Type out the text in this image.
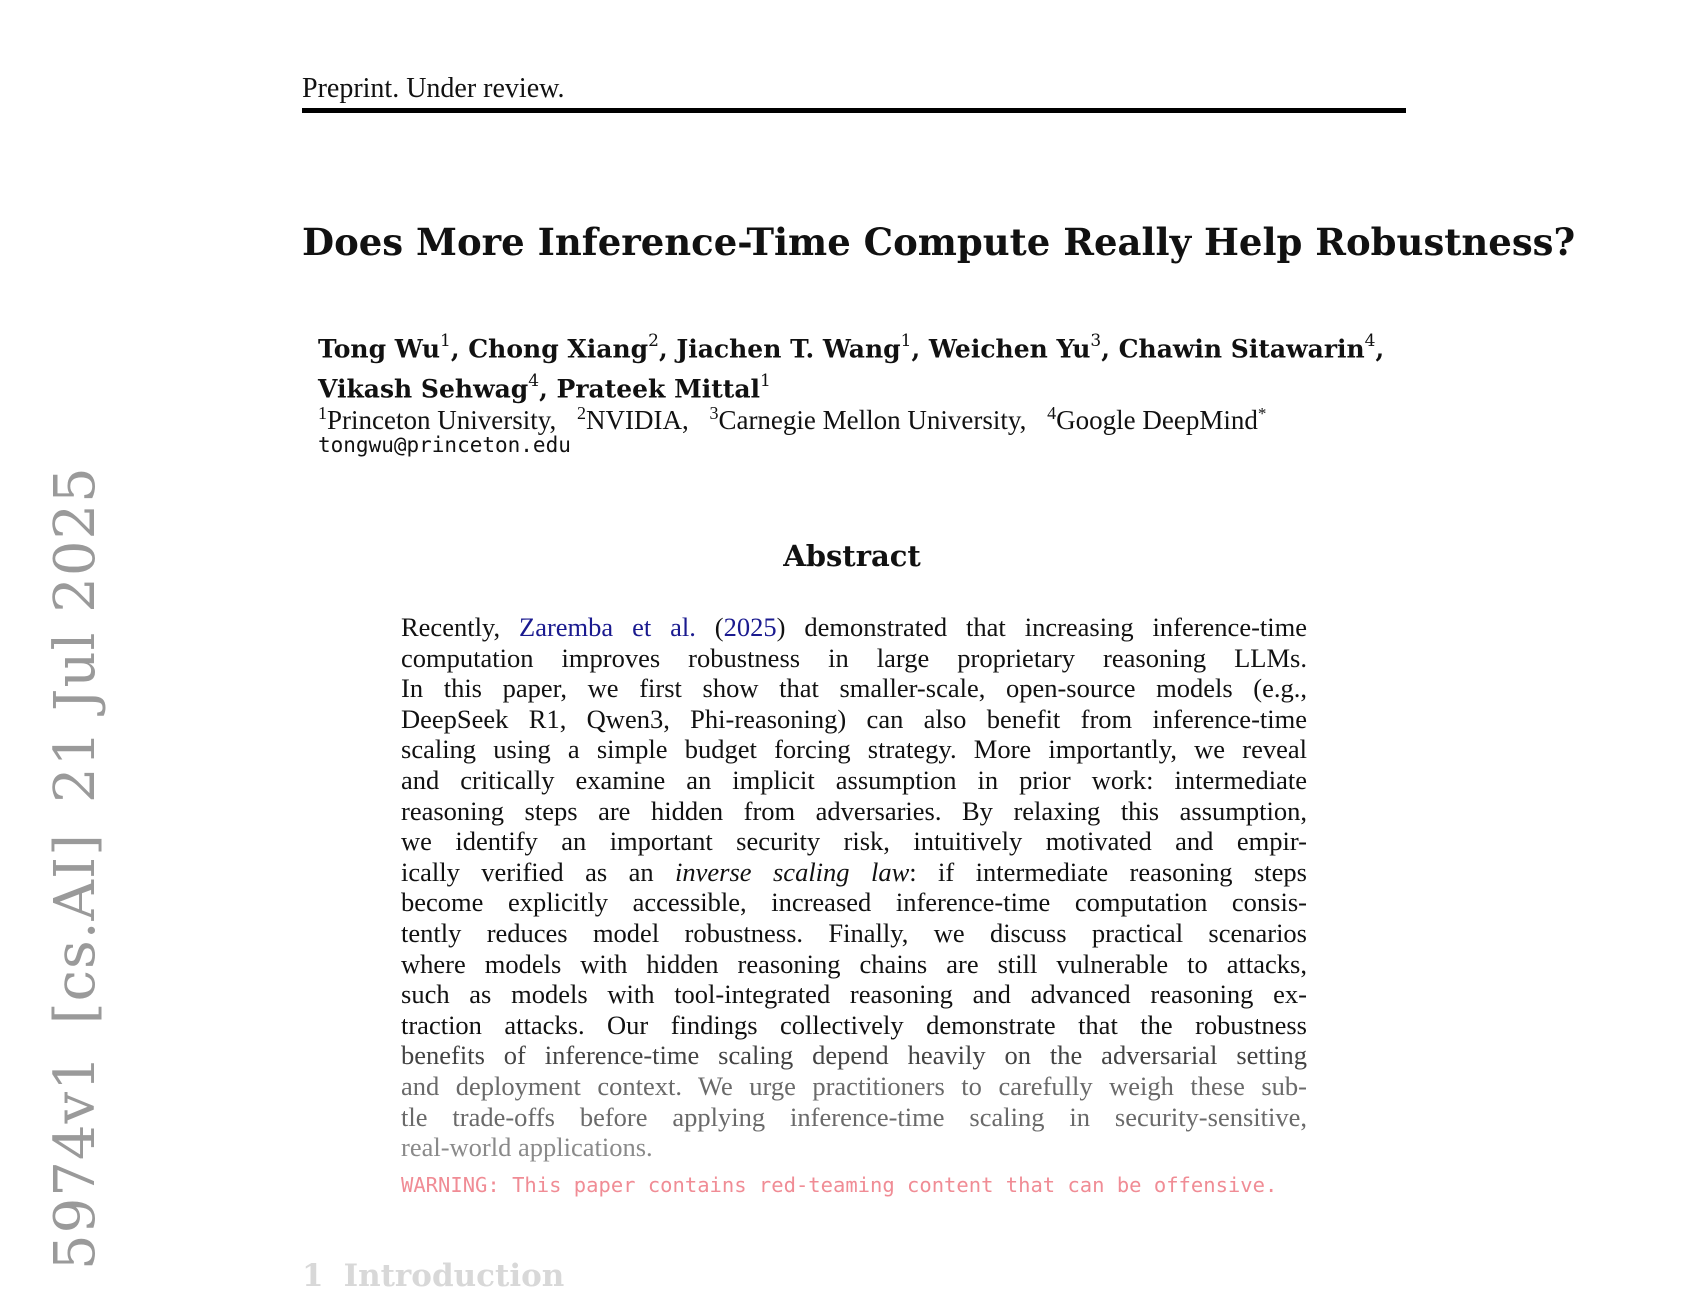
Preprint. Under review.
Does More Inference-Time Compute Really Help Robustness?
Tong Wu$^1$, Chong Xiang$^2$, Jiachen T. Wang$^1$, Weichen Yu$^3$, Chawin Sitawarin$^4$,
Vikash Sehwag$^4$, Prateek Mittal$^1$
$^1$Princeton University, $^2$NVIDIA, $^3$Carnegie Mellon University, $^4$Google DeepMind*
tongwu@princeton.edu
Abstract
Recently, Zaremba et al. (2025) demonstrated that increasing inference-time
computation improves robustness in large proprietary reasoning LLMs.
In this paper, we first show that smaller-scale, open-source models (e.g.,
DeepSeek R1, Qwen3, Phi-reasoning) can also benefit from inference-time
scaling using a simple budget forcing strategy. More importantly, we reveal
and critically examine an implicit assumption in prior work: intermediate
reasoning steps are hidden from adversaries. By relaxing this assumption,
we identify an important security risk, intuitively motivated and empir-
ically verified as an inverse scaling law: if intermediate reasoning steps
become explicitly accessible, increased inference-time computation consis-
tently reduces model robustness. Finally, we discuss practical scenarios
where models with hidden reasoning chains are still vulnerable to attacks,
such as models with tool-integrated reasoning and advanced reasoning ex-
traction attacks. Our findings collectively demonstrate that the robustness
benefits of inference-time scaling depend heavily on the adversarial setting
and deployment context. We urge practitioners to carefully weigh these sub-
tle trade-offs before applying inference-time scaling in security-sensitive,
real-world applications.
WARNING: This paper contains red-teaming content that can be offensive.
5974v1[cs.AI]21 Jul 2025
1 Introduction
